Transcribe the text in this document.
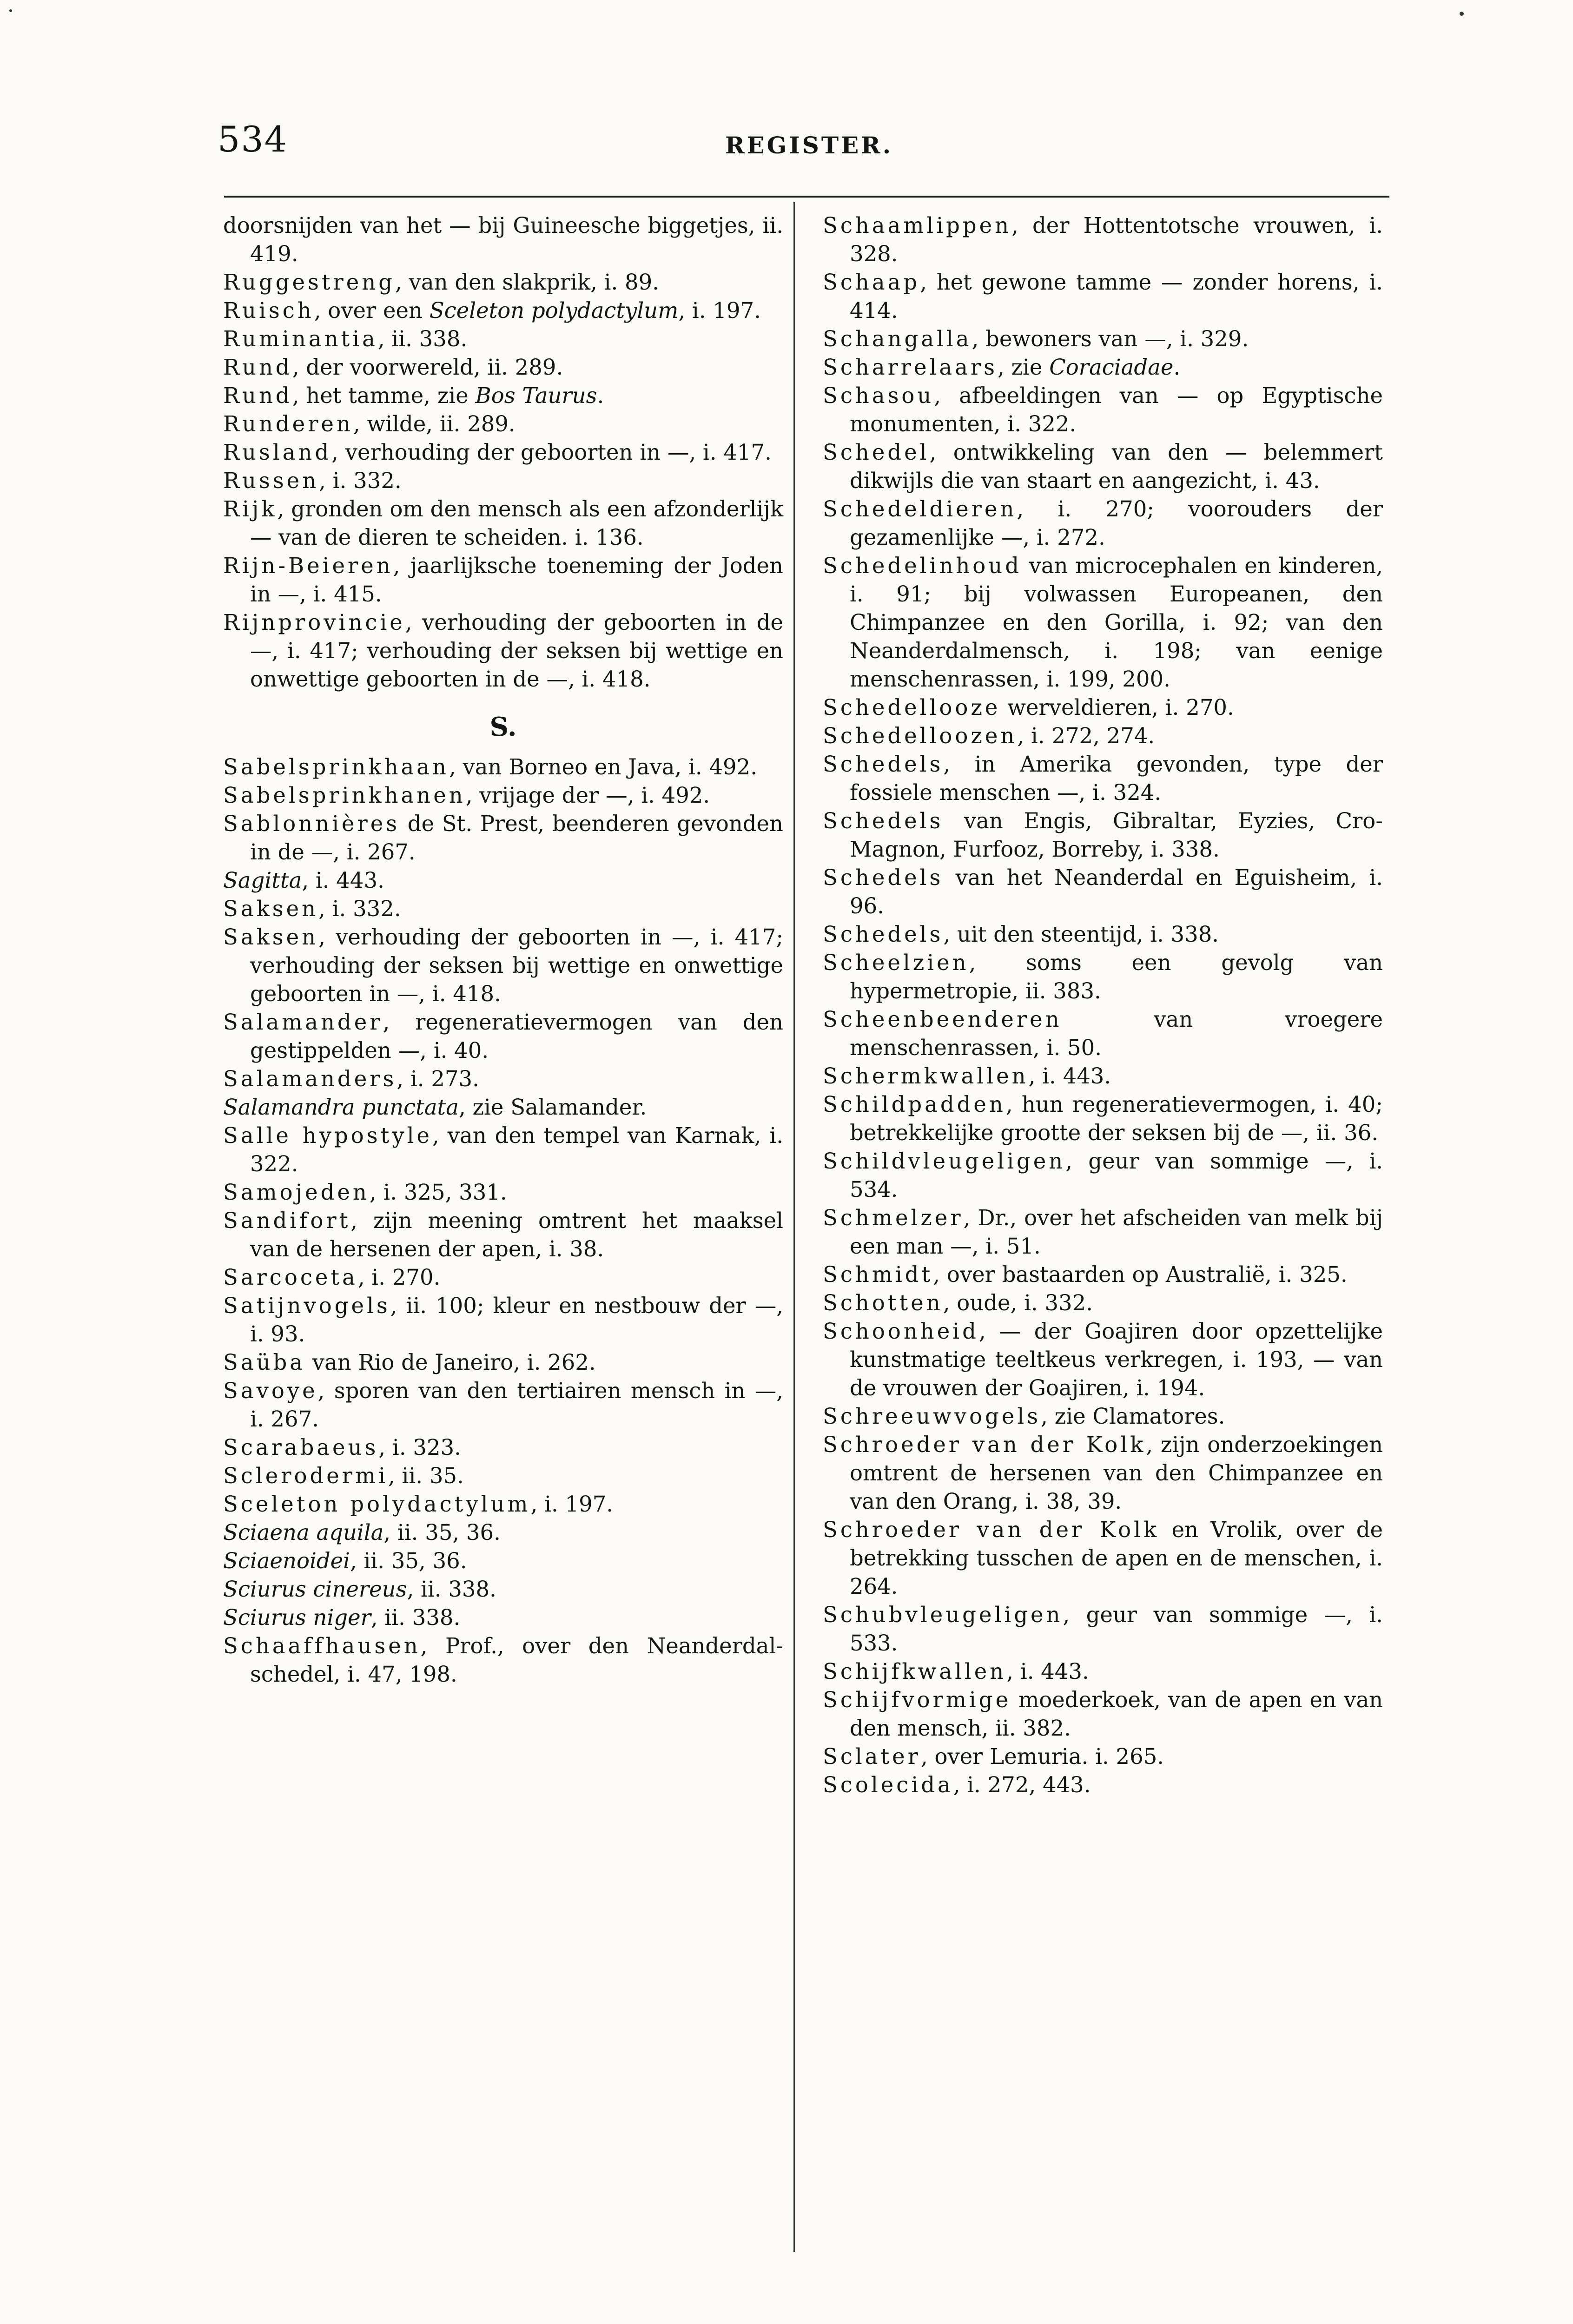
534	REGISTER.

doorsnijden van het — bij Guineesche biggetjes, ii. 419.

Ruggestreng, van den slakprik, i. 89.

Ruisch, over een Sceleton polydactylum, i. 197.

Ruminantia, ii. 338.

Rund, der voorwereld, ii. 289.

Rund, het tamme, zie Bos Taurus.

Runderen, wilde, ii. 289.

Rusland, verhouding der geboorten in —, i. 417.

Russen, i. 332.

Rijk, gronden om den mensch als een afzonderlijk — van de dieren te scheiden. i. 136.

Rijn-Beieren, jaarlijksche toeneming der Joden in —, i. 415.

Rijnprovincie, verhouding der geboorten in de —, i. 417; verhouding der seksen bij wettige en onwettige geboorten in de —, i. 418.

S.

Sabelsprinkhaan, van Borneo en Java, i. 492.

Sabelsprinkhanen, vrijage der —, i. 492.

Sablonnières de St. Prest, beenderen gevonden in de —, i. 267.

Sagitta, i. 443.

Saksen, i. 332.

Saksen, verhouding der geboorten in —, i. 417; verhouding der seksen bij wettige en onwettige geboorten in —, i. 418.

Salamander, regeneratievermogen van den gestippelden —, i. 40.

Salamanders, i. 273.

Salamandra punctata, zie Salamander.

Salle hypostyle, van den tempel van Karnak, i. 322.

Samojeden, i. 325, 331.

Sandifort, zijn meening omtrent het maaksel van de hersenen der apen, i. 38.

Sarcoceta, i. 270.

Satijnvogels, ii. 100; kleur en nestbouw der —, i. 93.

Saüba van Rio de Janeiro, i. 262.

Savoye, sporen van den tertiairen mensch in —, i. 267.

Scarabaeus, i. 323.

Sclerodermi, ii. 35.

Sceleton polydactylum, i. 197.

Sciaena aquila, ii. 35, 36.

Sciaenoidei, ii. 35, 36.

Sciurus cinereus, ii. 338.

Sciurus niger, ii. 338.

Schaaffhausen, Prof., over den Neanderdal-schedel, i. 47, 198.

Schaamlippen, der Hottentotsche vrouwen, i. 328.

Schaap, het gewone tamme — zonder horens, i. 414.

Schangalla, bewoners van —, i. 329.

Scharrelaars, zie Coraciadae.

Schasou, afbeeldingen van — op Egyptische monumenten, i. 322.

Schedel, ontwikkeling van den — belemmert dikwijls die van staart en aangezicht, i. 43.

Schedeldieren, i. 270; voorouders der gezamenlijke —, i. 272.

Schedelinhoud van microcephalen en kinderen, i. 91; bij volwassen Europeanen, den Chimpanzee en den Gorilla, i. 92; van den Neanderdalmensch, i. 198; van eenige menschenrassen, i. 199, 200.

Schedellooze werveldieren, i. 270.

Schedelloozen, i. 272, 274.

Schedels, in Amerika gevonden, type der fossiele menschen —, i. 324.

Schedels van Engis, Gibraltar, Eyzies, Cro-Magnon, Furfooz, Borreby, i. 338.

Schedels van het Neanderdal en Eguisheim, i. 96.

Schedels, uit den steentijd, i. 338.

Scheelzien, soms een gevolg van hypermetropie, ii. 383.

Scheenbeenderen van vroegere menschenrassen, i. 50.

Schermkwallen, i. 443.

Schildpadden, hun regeneratievermogen, i. 40; betrekkelijke grootte der seksen bij de —, ii. 36.

Schildvleugeligen, geur van sommige —, i. 534.

Schmelzer, Dr., over het afscheiden van melk bij een man —, i. 51.

Schmidt, over bastaarden op Australië, i. 325.

Schotten, oude, i. 332.

Schoonheid, — der Goajiren door opzettelijke kunstmatige teeltkeus verkregen, i. 193, — van de vrouwen der Goajiren, i. 194.

Schreeuwvogels, zie Clamatores.

Schroeder van der Kolk, zijn onderzoekingen omtrent de hersenen van den Chimpanzee en van den Orang, i. 38, 39.

Schroeder van der Kolk en Vrolik, over de betrekking tusschen de apen en de menschen, i. 264.

Schubvleugeligen, geur van sommige —, i. 533.

Schijfkwallen, i. 443.

Schijfvormige moederkoek, van de apen en van den mensch, ii. 382.

Sclater, over Lemuria. i. 265.

Scolecida, i. 272, 443.
